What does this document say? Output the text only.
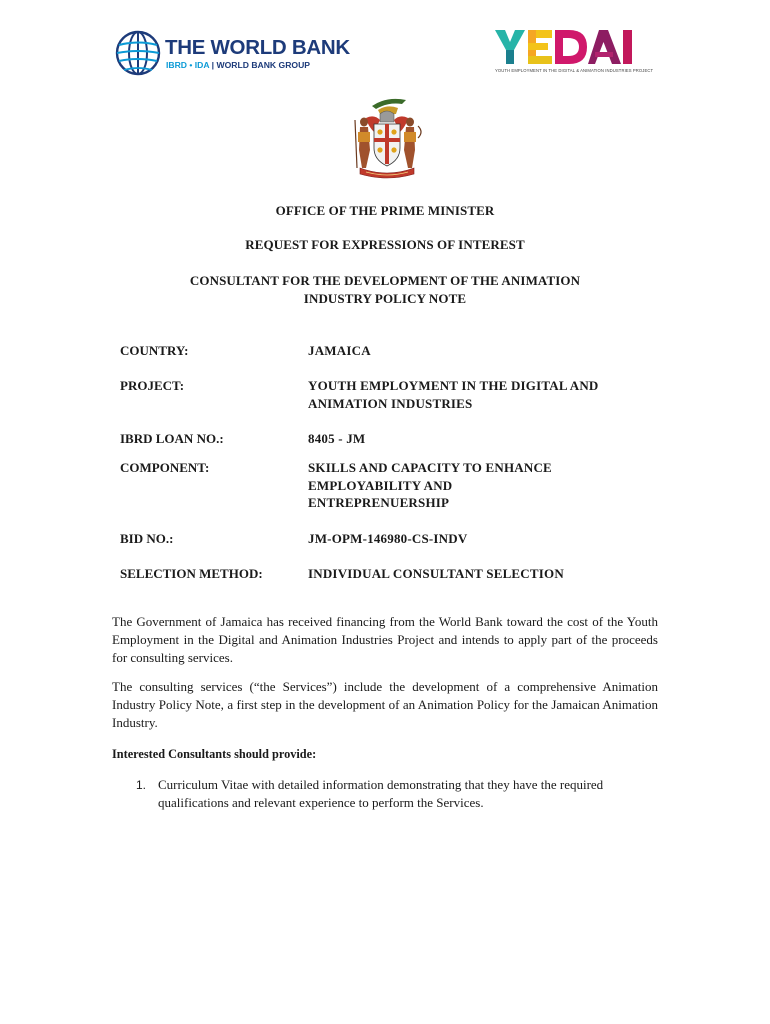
THE WORLD BANK
IBRD • IDA | WORLD BANK GROUP
YOUTH EMPLOYMENT IN THE DIGITAL & ANIMATION INDUSTRIES PROJECT
OFFICE OF THE PRIME MINISTER
REQUEST FOR EXPRESSIONS OF INTEREST
CONSULTANT FOR THE DEVELOPMENT OF THE ANIMATION
INDUSTRY POLICY NOTE
COUNTRY:	JAMAICA
PROJECT:	YOUTH EMPLOYMENT IN THE DIGITAL AND ANIMATION INDUSTRIES
IBRD LOAN NO.:	8405 - JM
COMPONENT:	SKILLS AND CAPACITY TO ENHANCE EMPLOYABILITY AND ENTREPRENUERSHIP
BID NO.:	JM-OPM-146980-CS-INDV
SELECTION METHOD:	INDIVIDUAL CONSULTANT SELECTION
The Government of Jamaica has received financing from the World Bank toward the cost of the Youth Employment in the Digital and Animation Industries Project and intends to apply part of the proceeds for consulting services.
The consulting services (“the Services”) include the development of a comprehensive Animation Industry Policy Note, a first step in the development of an Animation Policy for the Jamaican Animation Industry.
Interested Consultants should provide:
1. Curriculum Vitae with detailed information demonstrating that they have the required qualifications and relevant experience to perform the Services.
